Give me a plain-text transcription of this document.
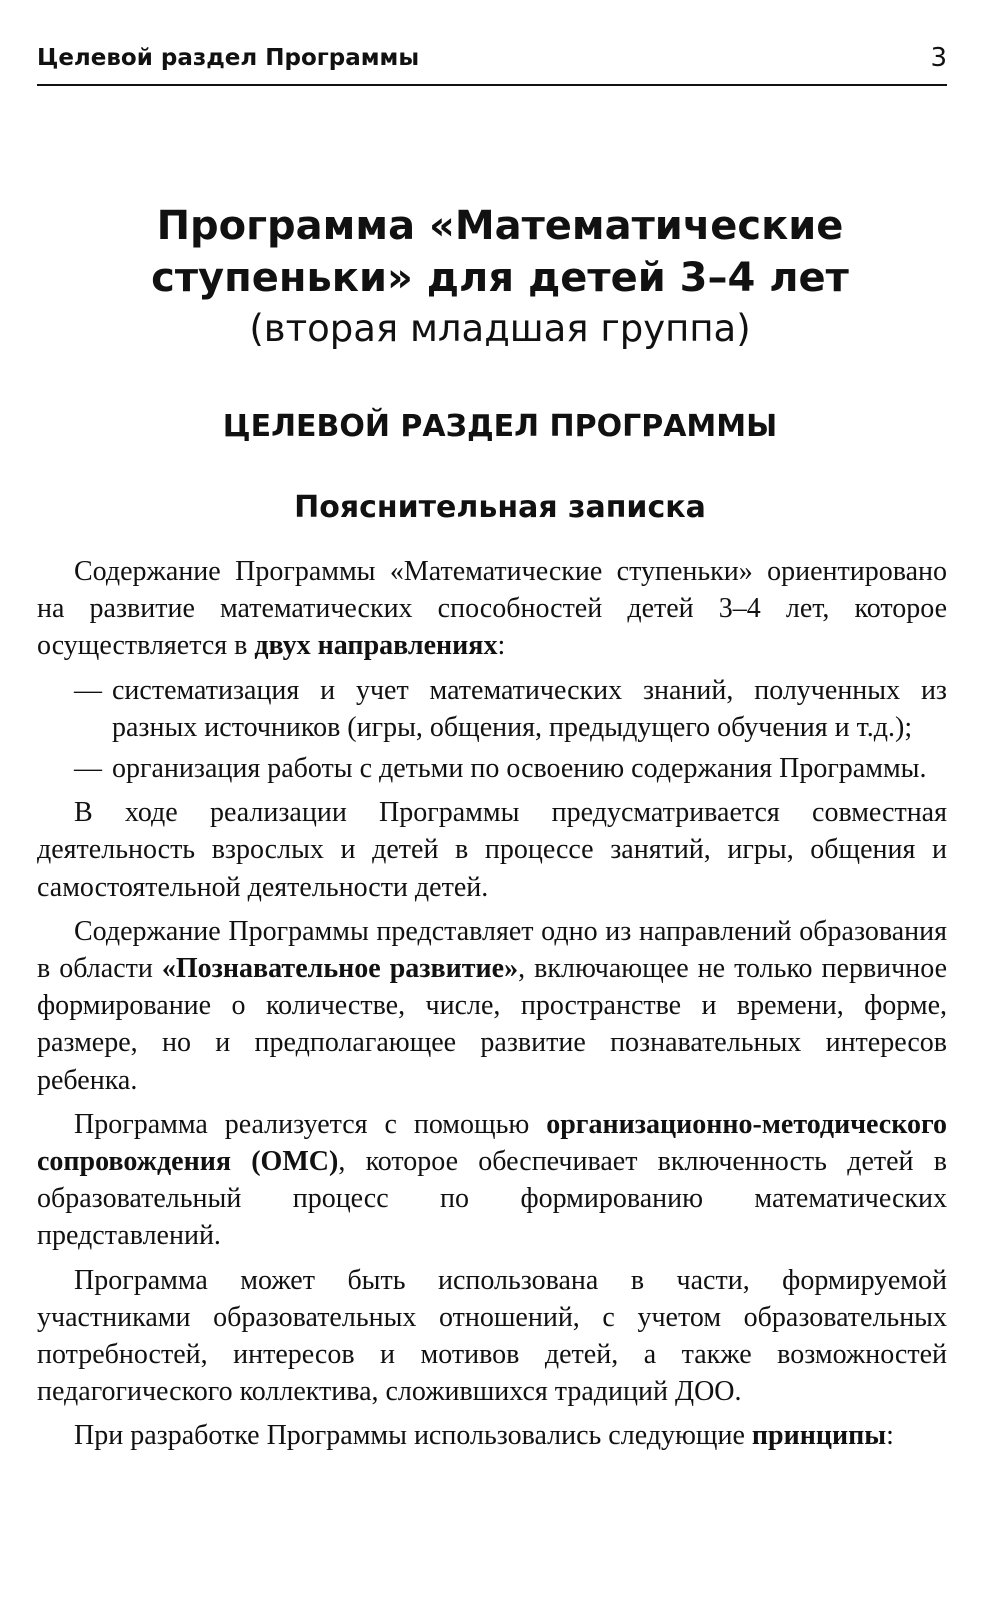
Целевой раздел Программы	3
Программа «Математические
ступеньки» для детей 3–4 лет
(вторая младшая группа)
ЦЕЛЕВОЙ РАЗДЕЛ ПРОГРАММЫ
Пояснительная записка

Содержание Программы «Математические ступеньки» ориентировано на развитие математических способностей детей 3–4 лет, которое осуществляется в двух направлениях:

— систематизация и учет математических знаний, полученных из разных источников (игры, общения, предыдущего обучения и т.д.);
— организация работы с детьми по освоению содержания Программы.

В ходе реализации Программы предусматривается совместная деятельность взрослых и детей в процессе занятий, игры, общения и самостоятельной деятельности детей.

Содержание Программы представляет одно из направлений образования в области «Познавательное развитие», включающее не только первичное формирование о количестве, числе, пространстве и времени, форме, размере, но и предполагающее развитие познавательных интересов ребенка.

Программа реализуется с помощью организационно-методического сопровождения (ОМС), которое обеспечивает включенность детей в образовательный процесс по формированию математических представлений.

Программа может быть использована в части, формируемой участниками образовательных отношений, с учетом образовательных потребностей, интересов и мотивов детей, а также возможностей педагогического коллектива, сложившихся традиций ДОО.

При разработке Программы использовались следующие принципы:
